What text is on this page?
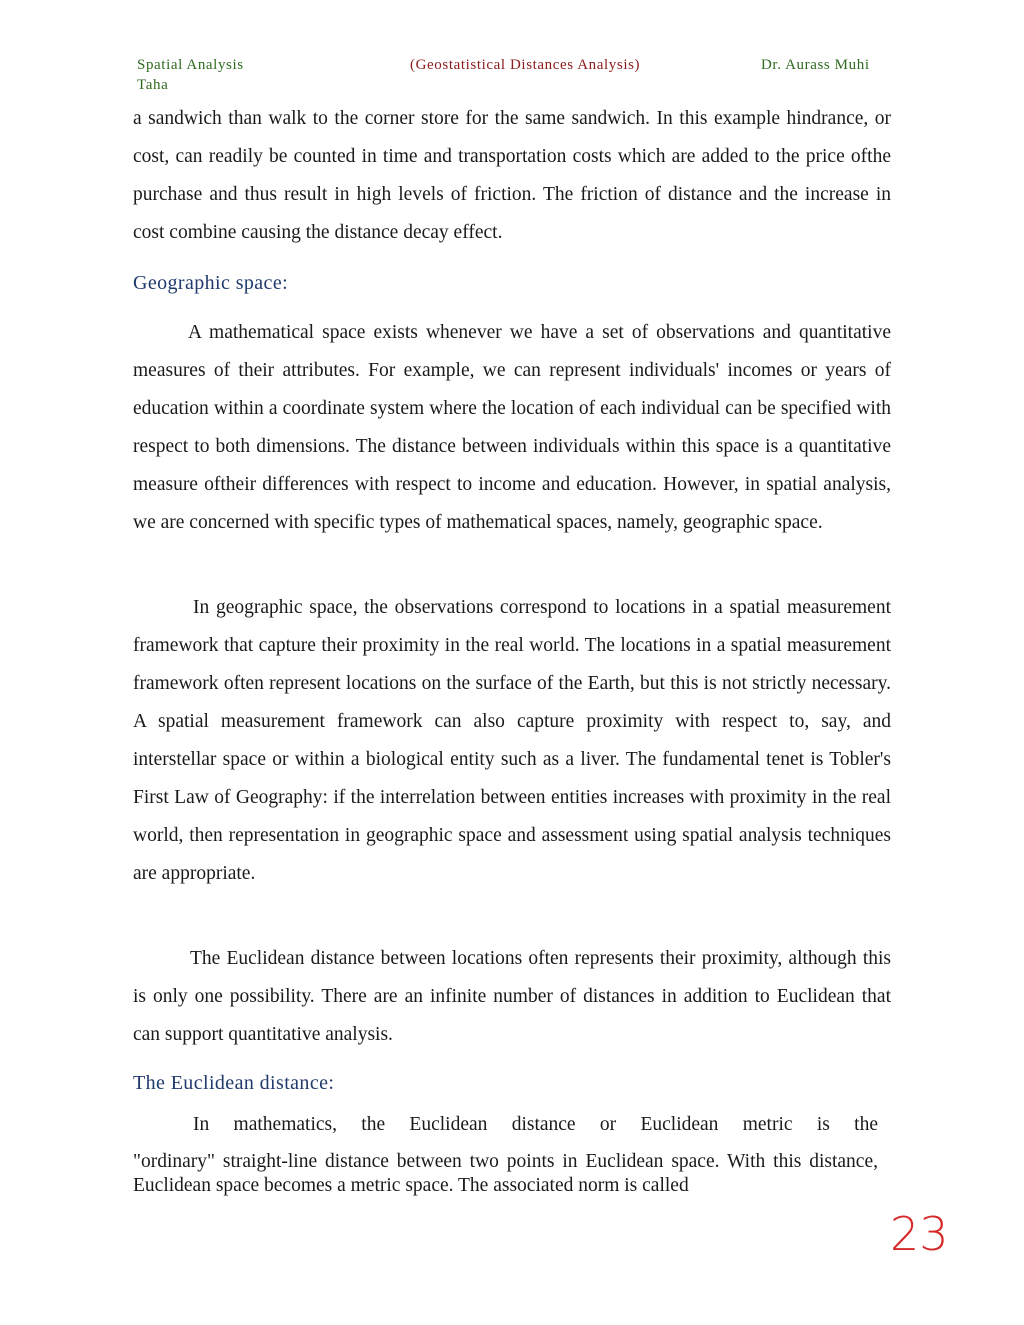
Spatial Analysis
Taha
(Geostatistical Distances Analysis)	Dr. Aurass Muhi
a sandwich than walk to the corner store for the same sandwich. In this example hindrance, or cost, can readily be counted in time and transportation costs which are added to the price ofthe purchase and thus result in high levels of friction. The friction of distance and the increase in cost combine causing the distance decay effect.
Geographic space:
A mathematical space exists whenever we have a set of observations and quantitative measures of their attributes. For example, we can represent individuals' incomes or years of education within a coordinate system where the location of each individual can be specified with respect to both dimensions. The distance between individuals within this space is a quantitative measure oftheir differences with respect to income and education. However, in spatial analysis, we are concerned with specific types of mathematical spaces, namely, geographic space.
In geographic space, the observations correspond to locations in a spatial measurement framework that capture their proximity in the real world. The locations in a spatial measurement framework often represent locations on the surface of the Earth, but this is not strictly necessary. A spatial measurement framework can also capture proximity with respect to, say, and interstellar space or within a biological entity such as a liver. The fundamental tenet is Tobler's First Law of Geography: if the interrelation between entities increases with proximity in the real world, then representation in geographic space and assessment using spatial analysis techniques are appropriate.
The Euclidean distance between locations often represents their proximity, although this is only one possibility. There are an infinite number of distances in addition to Euclidean that can support quantitative analysis.
The Euclidean distance:
In mathematics, the Euclidean distance or Euclidean metric is the
"ordinary" straight-line distance between two points in Euclidean space. With this distance, Euclidean space becomes a metric space. The associated norm is called
23
